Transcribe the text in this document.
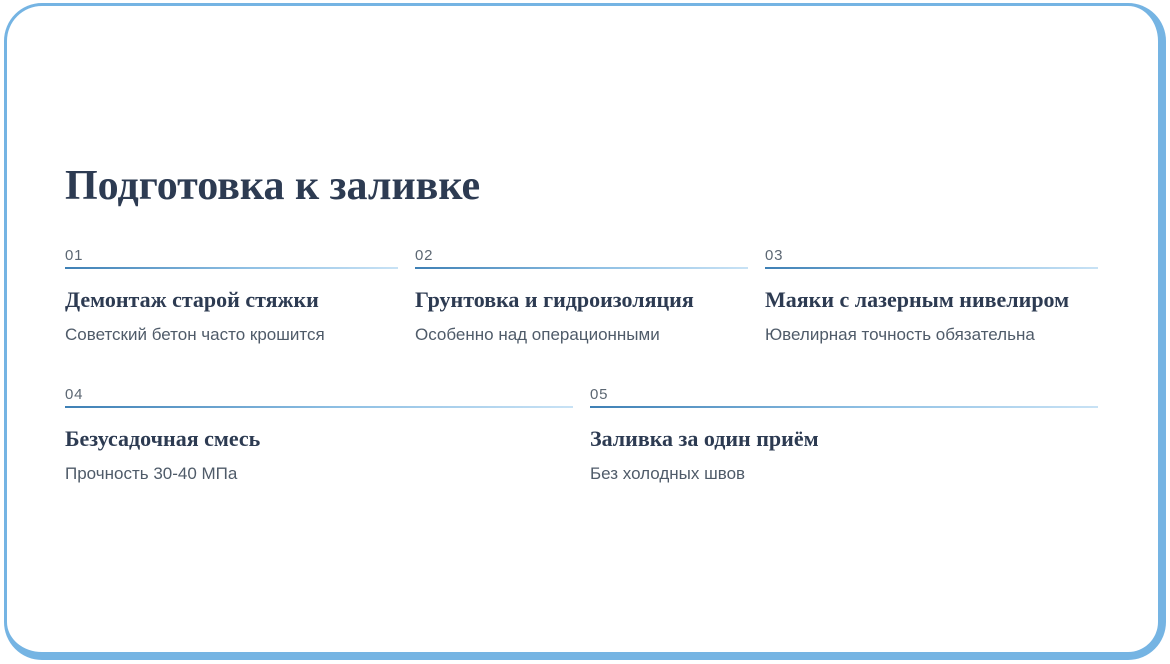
Подготовка к заливке
01
Демонтаж старой стяжки
Советский бетон часто крошится
02
Грунтовка и гидроизоляция
Особенно над операционными
03
Маяки с лазерным нивелиром
Ювелирная точность обязательна
04
Безусадочная смесь
Прочность 30-40 МПа
05
Заливка за один приём
Без холодных швов
